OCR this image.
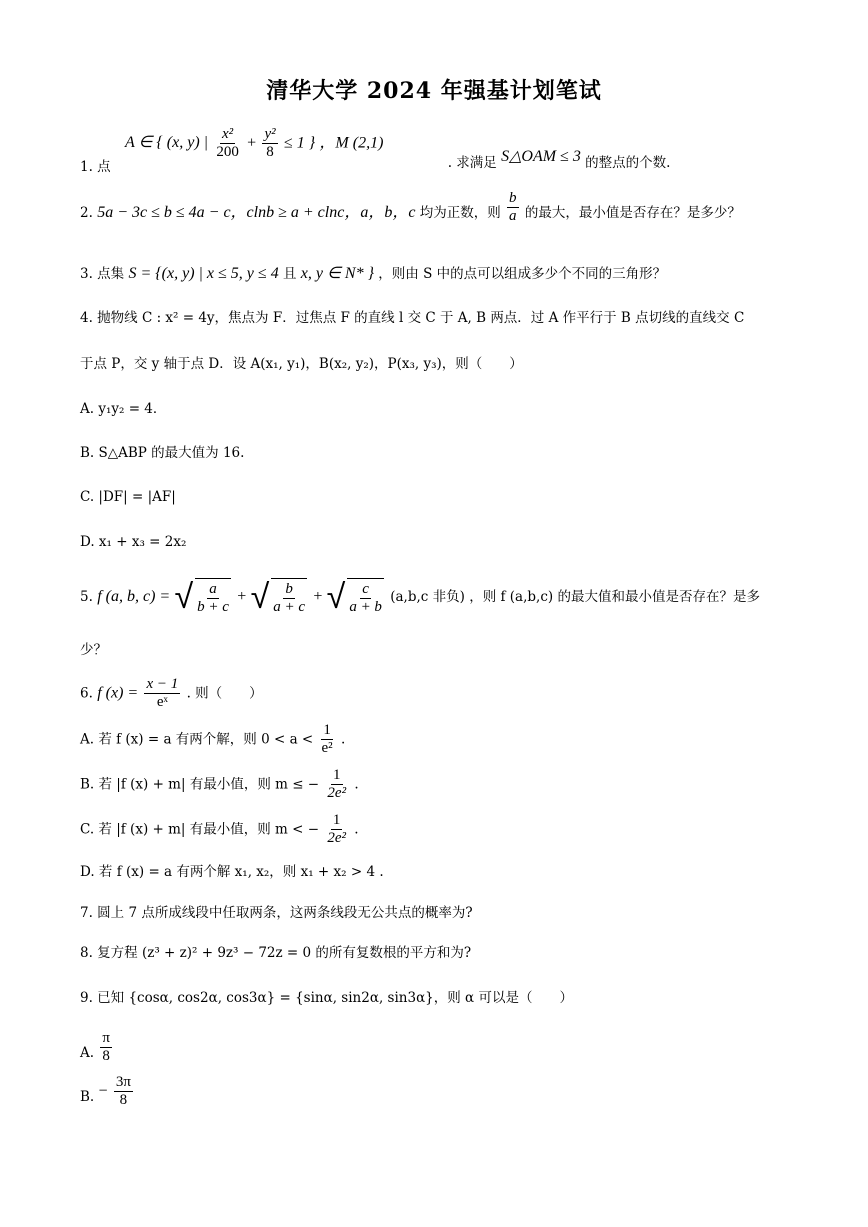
清华大学 2024 年强基计划笔试
1. 点 A ∈ { (x, y) | $\frac{\text{x²}}{200} + \frac{\text{y²}}{8} \le 1$ } ，M (2,1) . 求满足 S△OAM ≤ 3 的整点的个数.
2. 5a − 3c ≤ b ≤ 4a − c，clnb ≥ a + clnc，a，b，c 均为正数，则 $\frac{b}{a}$ 的最大，最小值是否存在？是多少？
3. 点集 S = {(x, y) | x ≤ 5, y ≤ 4 且 x, y ∈ N* } ，则由 S 中的点可以组成多少个不同的三角形？
4. 抛物线 C : x² = 4y，焦点为 F．过焦点 F 的直线 l 交 C 于 A, B 两点．过 A 作平行于 B 点切线的直线交 C
于点 P，交 y 轴于点 D．设 A(x₁, y₁)，B(x₂, y₂)，P(x₃, y₃)，则（　　）
A. y₁y₂ = 4．
B. S△ABP 的最大值为 16.
C. |DF| = |AF|
D. x₁ + x₃ = 2x₂
5. f (a, b, c) = √ $\frac{a}{b + c}$ + √ $\frac{b}{a + c}$ + √ $\frac{c}{a + b} (a,b,c$ 非负) ，则 f (a,b,c) 的最大值和最小值是否存在？是多
少？
6. f $(x) = \frac{x - 1}{\text{eˣ}}$ . 则（　　）
A. 若 f (x) = a 有两个解，则 $0 < a < \frac{1}{\text{e²}}$ .
B. 若 |f (x) + m| 有最小值，则 m ≤ − $\frac{1}{\text{2e²}}$ .
C. 若 |f (x) + m| 有最小值，则 m < − $\frac{1}{\text{2e²}}$ .
D. 若 f (x) = a 有两个解 x₁, x₂，则 x₁ + x₂ > 4 .
7. 圆上 7 点所成线段中任取两条，这两条线段无公共点的概率为?
8. 复方程 (z³ + z)² + 9z³ − 72z = 0 的所有复数根的平方和为?
9. 已知 {cosα, cos2α, cos3α} = {sinα, sin2α, sin3α}，则 α 可以是（　　）
A. $\frac{\pi}{8}$
B. − $\frac{3\pi}{8}$
